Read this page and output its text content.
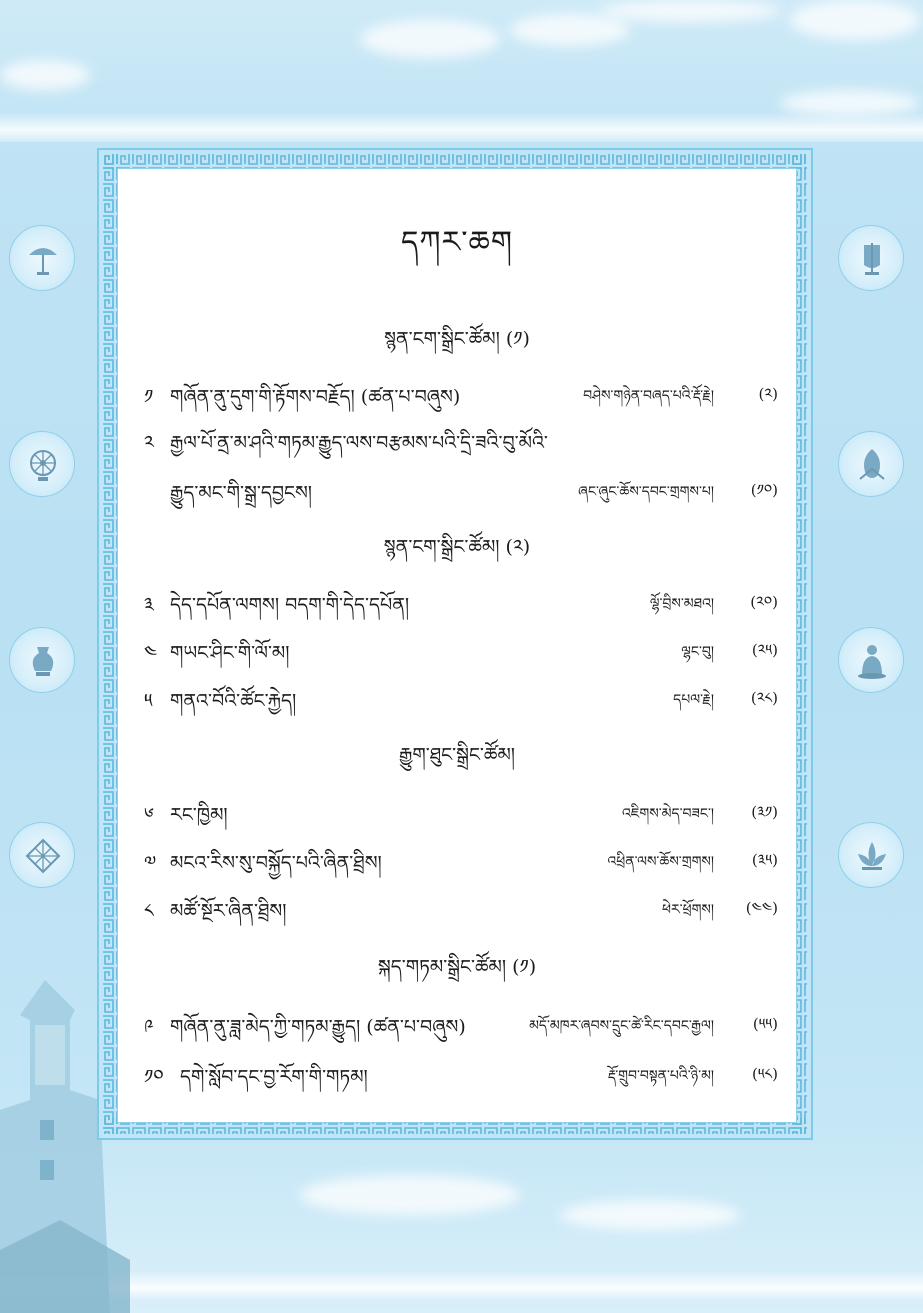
དཀར་ཆག
སྙན་ངག་སྒྲིང་ཚོམ། (༡)
༡ གཞོན་ནུ་དུག་གི་རྟོགས་བརྗོད། (ཚན་པ་བཞུས)	བཤེས་གཉེན་བཞད་པའི་རྡོ་རྗེ།	(༢)
༢ རྒྱལ་པོ་ནྲ་མ་ཤའི་གཏམ་རྒྱུད་ལས་བརྩམས་པའི་དྲི་ཟའི་བུ་མོའི་
རྒྱུད་མང་གི་སྒྲ་དབྱངས།	ཞང་ཞུང་ཆོས་དབང་གྲགས་པ། (༡༠)
སྙན་ངག་སྒྲིང་ཚོམ། (༢)
༣ དེད་དཔོན་ལགས། བདག་གི་དེད་དཔོན།	ལྷོ་བྲིས་མཐའ། (༢༠)
༤ གཡང་ཤིང་གི་ལོ་མ།	ལྷང་བུ།	(༢༥)
༥ གནའ་བོའི་ཚོང་རྐྱེད།	དཔལ་རྗེ། (༢༨)
རྒྱུག་ཐུང་སྒྲིང་ཚོམ།
༦ རང་ཁྱིམ།	འཇིགས་མེད་བཟང་། (༣༡)
༧ མངའ་རིས་སུ་བསྐྱོད་པའི་ཞིན་ཐྲིས།	འཕྲིན་ལས་ཆོས་གྲགས།	(༣༥)
༨ མཚོ་སྔོར་ཞིན་ཐྲིས།	ཕེར་ཕྲོགས། (༤༤)
སྐད་གཏམ་སྒྲིང་ཚོམ། (༡)
༩ གཞོན་ནུ་ཟླ་མེད་ཀྱི་གཏམ་རྒྱུད། (ཚན་པ་བཞུས)	མདོ་མཁར་ཞབས་དྲུང་ཚེ་རིང་དབང་རྒྱལ།	(༥༥)
༡༠ དགེ་སློབ་དང་བྱ་རོག་གི་གཏམ།	རྡོ་གྲུབ་བསྟན་པའི་ཉི་མ།	(༥༨)
